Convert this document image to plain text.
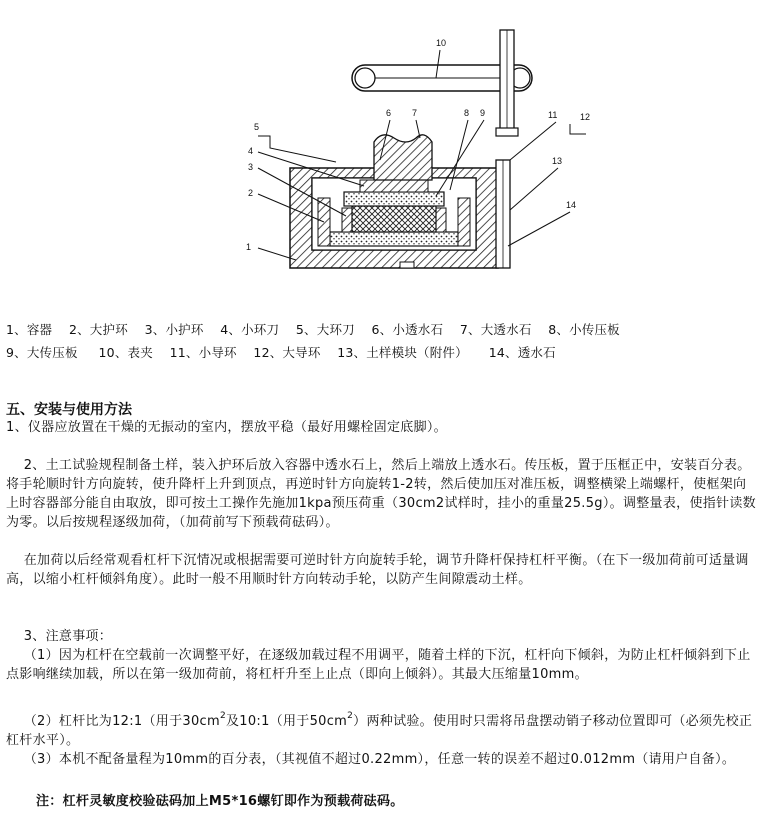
1
2
3
4
5
6 7	8 9
10
11	12
13
14
1、容器    2、大护环    3、小护环    4、小环刀    5、大环刀    6、小透水石    7、大透水石    8、小传压板
9、大传压板     10、表夹    11、小导环    12、大导环    13、土样模块（附件）     14、透水石
五、安装与使用方法
1、仪器应放置在干燥的无振动的室内，摆放平稳（最好用螺栓固定底脚）。
2、土工试验规程制备土样，装入护环后放入容器中透水石上，然后上端放上透水石。传压板，置于压框正中，安装百分表。将手轮顺时针方向旋转，使升降杆上升到顶点，再逆时针方向旋转1-2转，然后使加压对准压板，调整横梁上端螺杆，使框架向上时容器部分能自由取放，即可按土工操作先施加1kpa预压荷重（30cm2试样时，挂小的重量25.5g）。调整量表，使指针读数为零。以后按规程逐级加荷，（加荷前写下预载荷砝码）。
在加荷以后经常观看杠杆下沉情况或根据需要可逆时针方向旋转手轮，调节升降杆保持杠杆平衡。（在下一级加荷前可适量调高，以缩小杠杆倾斜角度）。此时一般不用顺时针方向转动手轮，以防产生间隙震动土样。
3、注意事项：
（1）因为杠杆在空载前一次调整平好，在逐级加载过程不用调平，随着土样的下沉，杠杆向下倾斜，为防止杠杆倾斜到下止点影响继续加载，所以在第一级加荷前，将杠杆升至上止点（即向上倾斜）。其最大压缩量10mm。
（2）杠杆比为12:1（用于$30cm^2$及10:1（用于$50cm^2$）两种试验。使用时只需将吊盘摆动销子移动位置即可（必须先校正杠杆水平）。
（3）本机不配备量程为10mm的百分表，（其视值不超过0.22mm），任意一转的误差不超过0.012mm（请用户自备）。
注：杠杆灵敏度校验砝码加上M5*16螺钉即作为预载荷砝码。
